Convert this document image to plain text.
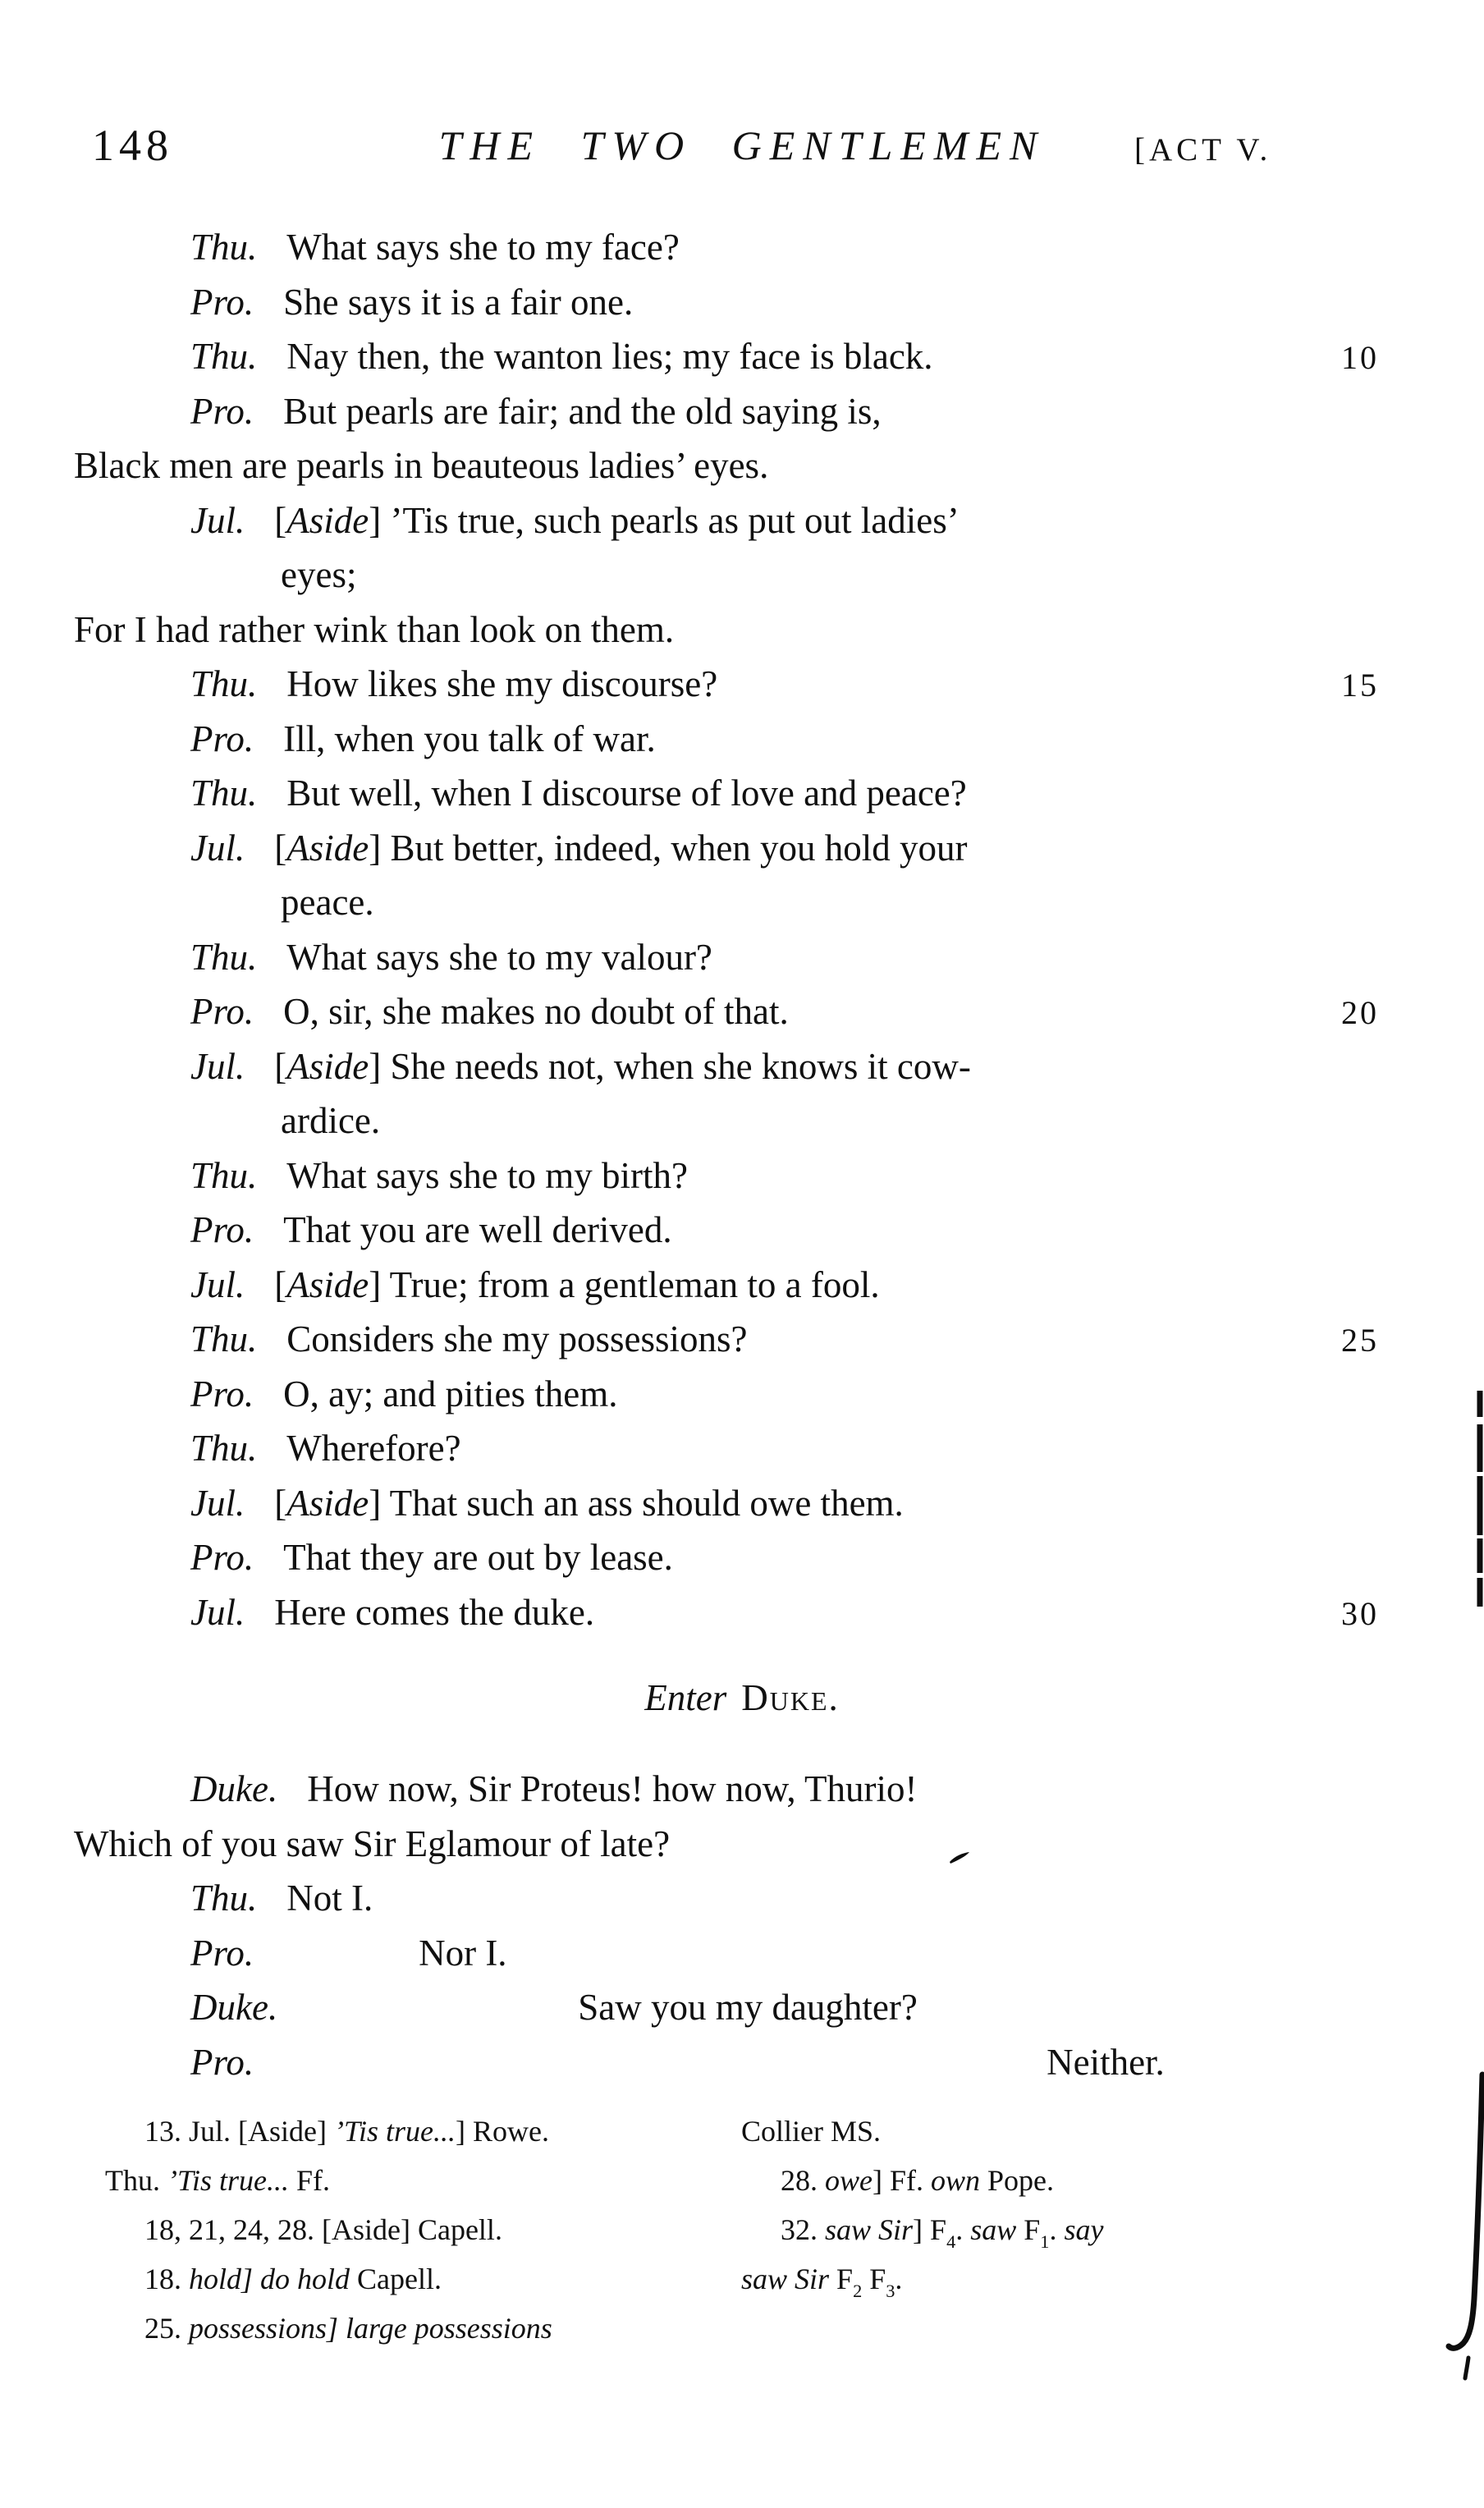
148	THE TWO GENTLEMEN	[ACT V.
Thu. What says she to my face?
Pro. She says it is a fair one.
Thu. Nay then, the wanton lies; my face is black.	10
Pro. But pearls are fair; and the old saying is,
Black men are pearls in beauteous ladies’ eyes.
Jul. [Aside] ’Tis true, such pearls as put out ladies’
eyes;
For I had rather wink than look on them.
Thu. How likes she my discourse?	15
Pro. Ill, when you talk of war.
Thu. But well, when I discourse of love and peace?
Jul. [Aside] But better, indeed, when you hold your
peace.
Thu. What says she to my valour?
Pro. O, sir, she makes no doubt of that.	20
Jul. [Aside] She needs not, when she knows it cow-
ardice.
Thu. What says she to my birth?
Pro. That you are well derived.
Jul. [Aside] True; from a gentleman to a fool.
Thu. Considers she my possessions?	25
Pro. O, ay; and pities them.
Thu. Wherefore?
Jul. [Aside] That such an ass should owe them.
Pro. That they are out by lease.
Jul. Here comes the duke.	30
Enter Duke.
Duke. How now, Sir Proteus! how now, Thurio!
Which of you saw Sir Eglamour of late?
Thu. Not I.
Pro.	Nor I.
Duke.	Saw you my daughter?
Pro.	Neither.
13. Jul. [Aside] ’Tis true...] Rowe.
Thu. ’Tis true... Ff.
18, 21, 24, 28. [Aside] Capell.
18. hold] do hold Capell.
25. possessions] large possessions
Collier MS.
28. owe] Ff. own Pope.
32. saw Sir] $F_4$. saw $F_1$. say
saw Sir $F_2$ $F_3$.
